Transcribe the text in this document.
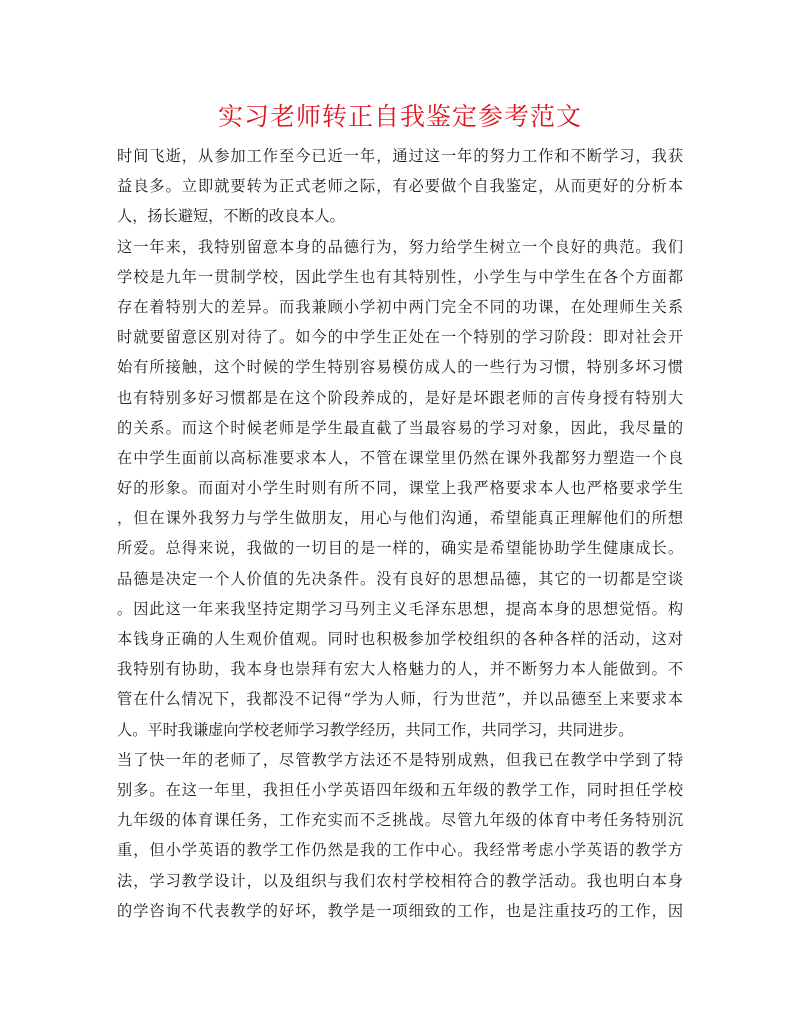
实习老师转正自我鉴定参考范文
时间飞逝，从参加工作至今已近一年，通过这一年的努力工作和不断学习，我获
益良多。立即就要转为正式老师之际，有必要做个自我鉴定，从而更好的分析本
人，扬长避短，不断的改良本人。
这一年来，我特别留意本身的品德行为，努力给学生树立一个良好的典范。我们
学校是九年一贯制学校，因此学生也有其特别性，小学生与中学生在各个方面都
存在着特别大的差异。而我兼顾小学初中两门完全不同的功课，在处理师生关系
时就要留意区别对待了。如今的中学生正处在一个特别的学习阶段：即对社会开
始有所接触，这个时候的学生特别容易模仿成人的一些行为习惯，特别多坏习惯
也有特别多好习惯都是在这个阶段养成的，是好是坏跟老师的言传身授有特别大
的关系。而这个时候老师是学生最直截了当最容易的学习对象，因此，我尽量的
在中学生面前以高标准要求本人，不管在课堂里仍然在课外我都努力塑造一个良
好的形象。而面对小学生时则有所不同，课堂上我严格要求本人也严格要求学生
，但在课外我努力与学生做朋友，用心与他们沟通，希望能真正理解他们的所想
所爱。总得来说，我做的一切目的是一样的，确实是希望能协助学生健康成长。
品德是决定一个人价值的先决条件。没有良好的思想品德，其它的一切都是空谈
。因此这一年来我坚持定期学习马列主义毛泽东思想，提高本身的思想觉悟。构
本钱身正确的人生观价值观。同时也积极参加学校组织的各种各样的活动，这对
我特别有协助，我本身也崇拜有宏大人格魅力的人，并不断努力本人能做到。不
管在什么情况下，我都没不记得“学为人师，行为世范”，并以品德至上来要求本
人。平时我谦虚向学校老师学习教学经历，共同工作，共同学习，共同进步。
当了快一年的老师了，尽管教学方法还不是特别成熟，但我已在教学中学到了特
别多。在这一年里，我担任小学英语四年级和五年级的教学工作，同时担任学校
九年级的体育课任务，工作充实而不乏挑战。尽管九年级的体育中考任务特别沉
重，但小学英语的教学工作仍然是我的工作中心。我经常考虑小学英语的教学方
法，学习教学设计，以及组织与我们农村学校相符合的教学活动。我也明白本身
的学咨询不代表教学的好坏，教学是一项细致的工作，也是注重技巧的工作，因
